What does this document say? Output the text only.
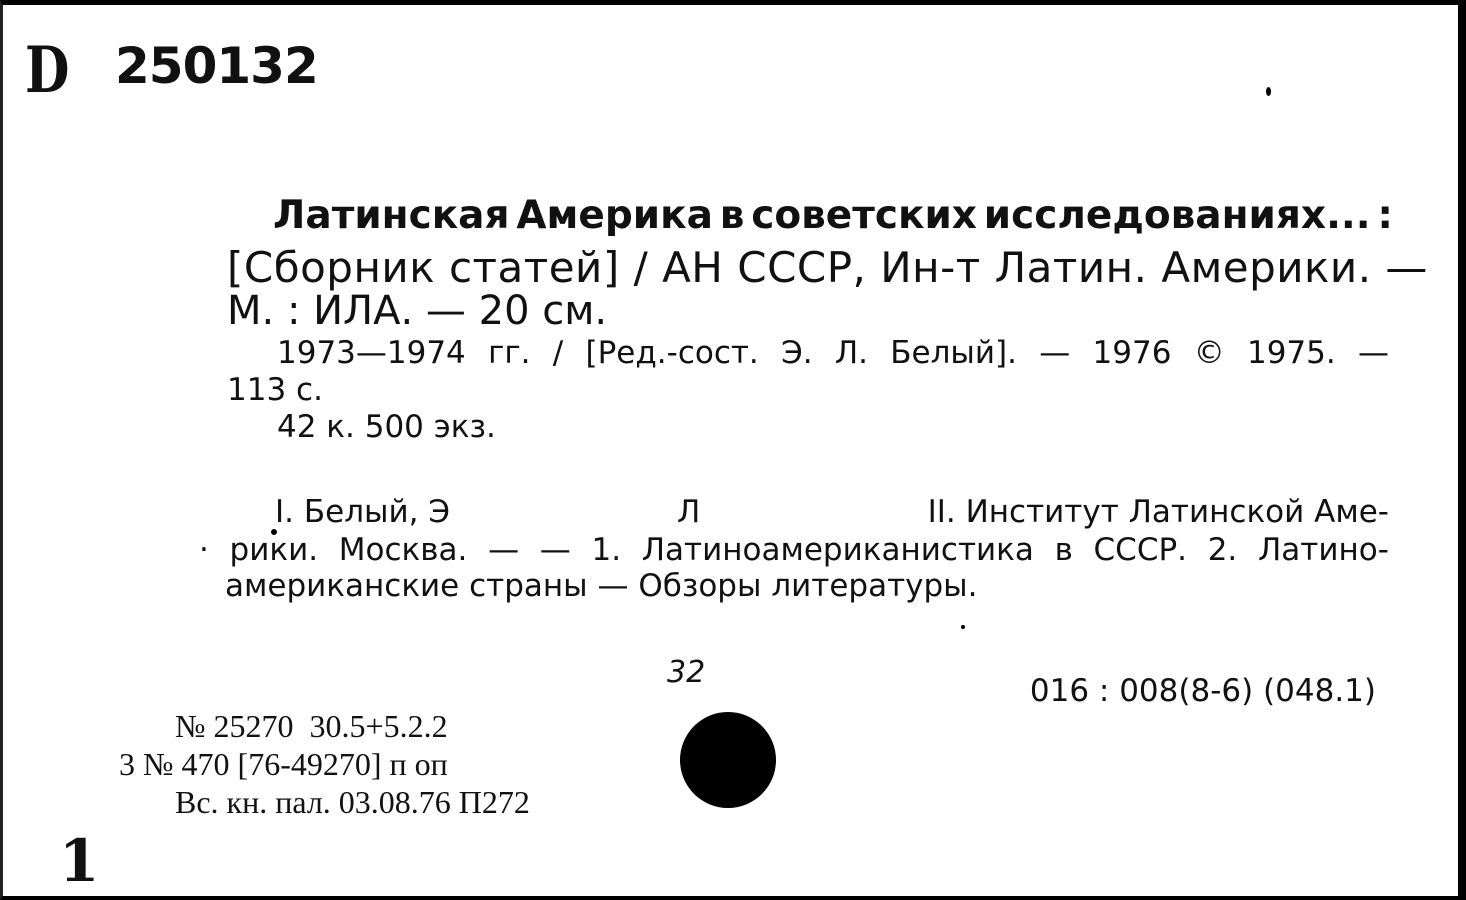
D 250132
Латинская Америка в советских исследованиях... :
[Сборник статей] / АН СССР, Ин-т Латин. Америки. —
М. : ИЛА. — 20 см.
1973—1974 гг. / [Ред.-сост. Э. Л. Белый]. — 1976 © 1975. —
113 с.
42 к. 500 экз.
I. Белый, Э	Л	II. Институт Латинской Аме-
· рики. Москва. — — 1. Латиноамериканистика в СССР. 2. Латино-
американские страны — Обзоры литературы.
016 : 008(8-6) (048.1)
32
№ 25270  30.5+5.2.2
3 № 470 [76-49270] п оп
Вс. кн. пал. 03.08.76 П272
1
